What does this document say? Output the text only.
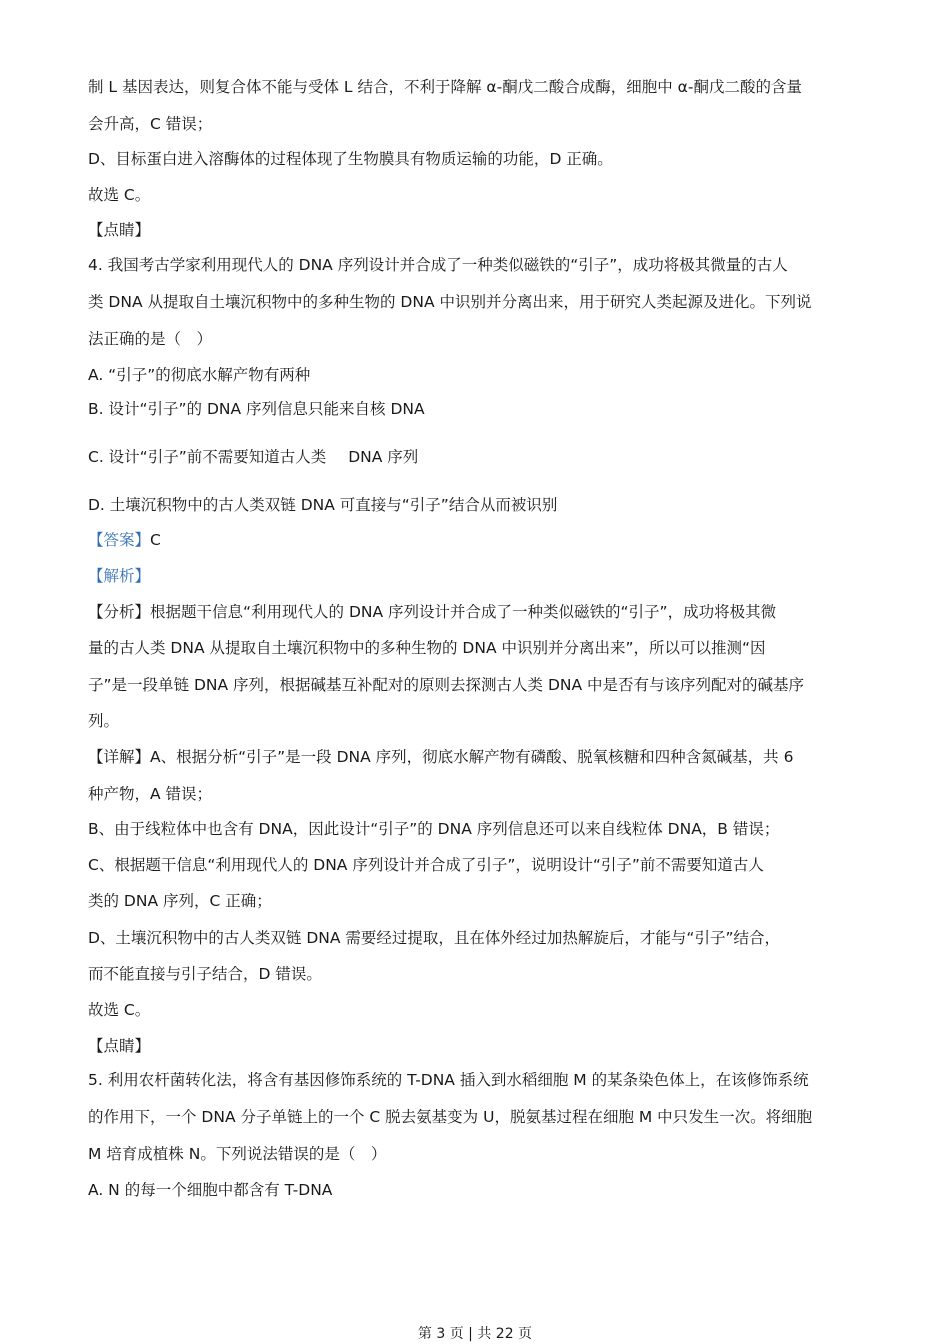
制 L 基因表达，则复合体不能与受体 L 结合，不利于降解 α-酮戊二酸合成酶，细胞中 α-酮戊二酸的含量
会升高，C 错误；
D、目标蛋白进入溶酶体的过程体现了生物膜具有物质运输的功能，D 正确。
故选 C。
【点睛】
4. 我国考古学家利用现代人的 DNA 序列设计并合成了一种类似磁铁的“引子”，成功将极其微量的古人
类 DNA 从提取自土壤沉积物中的多种生物的 DNA 中识别并分离出来，用于研究人类起源及进化。下列说
法正确的是（　）
A. “引子”的彻底水解产物有两种
B. 设计“引子”的 DNA 序列信息只能来自核 DNA
C. 设计“引子”前不需要知道古人类 DNA 序列
D. 土壤沉积物中的古人类双链 DNA 可直接与“引子”结合从而被识别
【答案】C
【解析】
【分析】根据题干信息“利用现代人的 DNA 序列设计并合成了一种类似磁铁的“引子”，成功将极其微
量的古人类 DNA 从提取自土壤沉积物中的多种生物的 DNA 中识别并分离出来”，所以可以推测“因
子”是一段单链 DNA 序列，根据碱基互补配对的原则去探测古人类 DNA 中是否有与该序列配对的碱基序
列。
【详解】A、根据分析“引子”是一段 DNA 序列，彻底水解产物有磷酸、脱氧核糖和四种含氮碱基，共 6
种产物，A 错误；
B、由于线粒体中也含有 DNA，因此设计“引子”的 DNA 序列信息还可以来自线粒体 DNA，B 错误；
C、根据题干信息“利用现代人的 DNA 序列设计并合成了引子”，说明设计“引子”前不需要知道古人
类的 DNA 序列，C 正确；
D、土壤沉积物中的古人类双链 DNA 需要经过提取，且在体外经过加热解旋后，才能与“引子”结合，
而不能直接与引子结合，D 错误。
故选 C。
【点睛】
5. 利用农杆菌转化法，将含有基因修饰系统的 T-DNA 插入到水稻细胞 M 的某条染色体上，在该修饰系统
的作用下，一个 DNA 分子单链上的一个 C 脱去氨基变为 U，脱氨基过程在细胞 M 中只发生一次。将细胞
M 培育成植株 N。下列说法错误的是（　）
A. N 的每一个细胞中都含有 T-DNA
第 3 页 | 共 22 页
